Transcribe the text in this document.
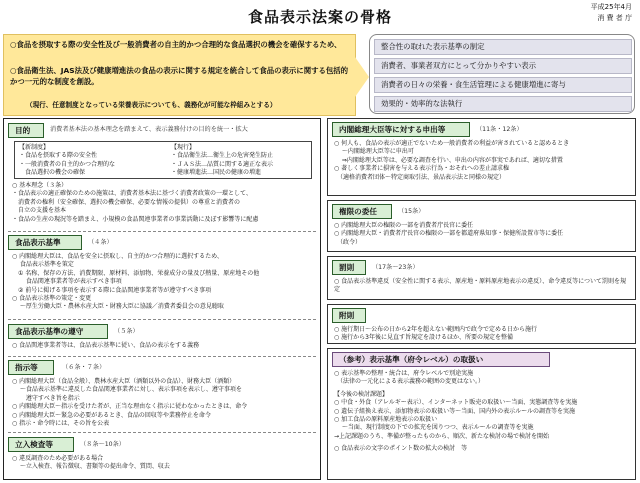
食品表示法案の骨格
平成25年4月
消 費 者 庁

○食品を摂取する際の安全性及び一般消費者の自主的かつ合理的な食品選択の機会を確保するため、

○食品衛生法、JAS法及び健康増進法の食品の表示に関する規定を統合して食品の表示に関する包括的かつ一元的な制度を創設。

（現行、任意制度となっている栄養表示についても、義務化が可能な枠組みとする）

整合性の取れた表示基準の制定
消費者、事業者双方にとって分かりやすい表示
消費者の日々の栄養・食生活管理による健康増進に寄与
効果的・効率的な法執行
目的	消費者基本法の基本理念を踏まえて、表示義務付けの目的を統一・拡大
【新制度】
・食品を摂取する際の安全性
・一般消費者の自主的かつ合理的な
　食品選択の機会の確保
【現行】
・食品衛生法…衛生上の危害発生防止
・ＪＡＳ法…品質に関する適正な表示
・健康増進法…国民の健康の増進
○ 基本理念（３条）
・食品表示の適正確保のための施策は、消費者基本法に基づく消費者政策の一環として、
　消費者の権利（安全確保、選択の機会確保、必要な情報の提供）の尊重と消費者の
　自立の支援を基本
・食品の生産の現況等を踏まえ、小規模の食品関連事業者の事業活動に及ぼす影響等に配慮
食品表示基準	（４条）
○ 内閣総理大臣は、食品を安全に摂取し、自主的かつ合理的に選択するため、
　 食品表示基準を策定
　① 名称、保存の方法、消費期限、原材料、添加物、栄養成分の量及び熱量、原産地その他
　　 食品関連事業者等が表示すべき事項
　② 前号に掲げる事項を表示する際に食品関連事業者等が遵守すべき事項
○ 食品表示基準の策定・変更
　 ～厚生労働大臣・農林水産大臣・財務大臣に協議／消費者委員会の意見聴取
食品表示基準の遵守	（５条）
○ 食品関連事業者等は、食品表示基準に従い、食品の表示をする義務
指示等	（６条・７条）
○ 内閣総理大臣（食品全般）、農林水産大臣（酒類以外の食品）、財務大臣（酒類）
　 ～食品表示基準に違反した食品関連事業者に対し、表示事項を表示し、遵守事項を
　　 遵守すべき旨を指示
○ 内閣総理大臣～指示を受けた者が、正当な理由なく指示に従わなかったときは、命令
○ 内閣総理大臣～緊急の必要があるとき、食品の回収等や業務停止を命令
○ 指示・命令時には、その旨を公表
立入検査等	（８条～10条）
○ 違反調査のため必要がある場合
　 ～立入検査、報告徴収、書類等の提出命令、質問、収去
内閣総理大臣等に対する申出等	（11条・12条）
○ 何人も、食品の表示が適正でないため一般消費者の利益が害されていると認めるとき
　 ～内閣総理大臣等に申出可
　 ⇒内閣総理大臣等は、必要な調査を行い、申出の内容が事実であれば、適切な措置
○ 著しく事業者に損害を与える表示行為・おそれへの差止請求権
　（適格消費者団体～特定商取引法、景品表示法と同様の規定）
権限の委任	（15条）
○ 内閣総理大臣の権限の一部を消費者庁長官に委任
○ 内閣総理大臣・消費者庁長官の権限の一部を都道府県知事・保健所設置市等に委任
　（政令）
罰則	（17条～23条）
○ 食品表示基準違反（安全性に関する表示、原産地・原料原産地表示の違反）、命令違反等について罰則を規定
附則
○ 施行期日～公布の日から2年を超えない範囲内で政令で定める日から施行
○ 施行から3年後に見直す旨規定を設けるほか、所要の規定を整備
（参考）表示基準（府令レベル）の取扱い
○ 表示基準の整理・統合は、府令レベルで別途実施
　（法律の一元化による表示義務の範囲の変更はない。）
【今後の検討課題】
○ 中食・外食（アレルギー表示）、インターネット販売の取扱い～当面、実態調査等を実施
○ 遺伝子組換え表示、添加物表示の取扱い等～当面、国内外の表示ルールの調査等を実施
○ 加工食品の原料原産地表示の取扱い
　 ～当面、現行制度の下での拡充を図りつつ、表示ルールの調査等を実施
→上記課題のうち、準備が整ったものから、順次、新たな検討の場で検討を開始
○ 食品表示の文字のポイント数の拡大の検討　等
